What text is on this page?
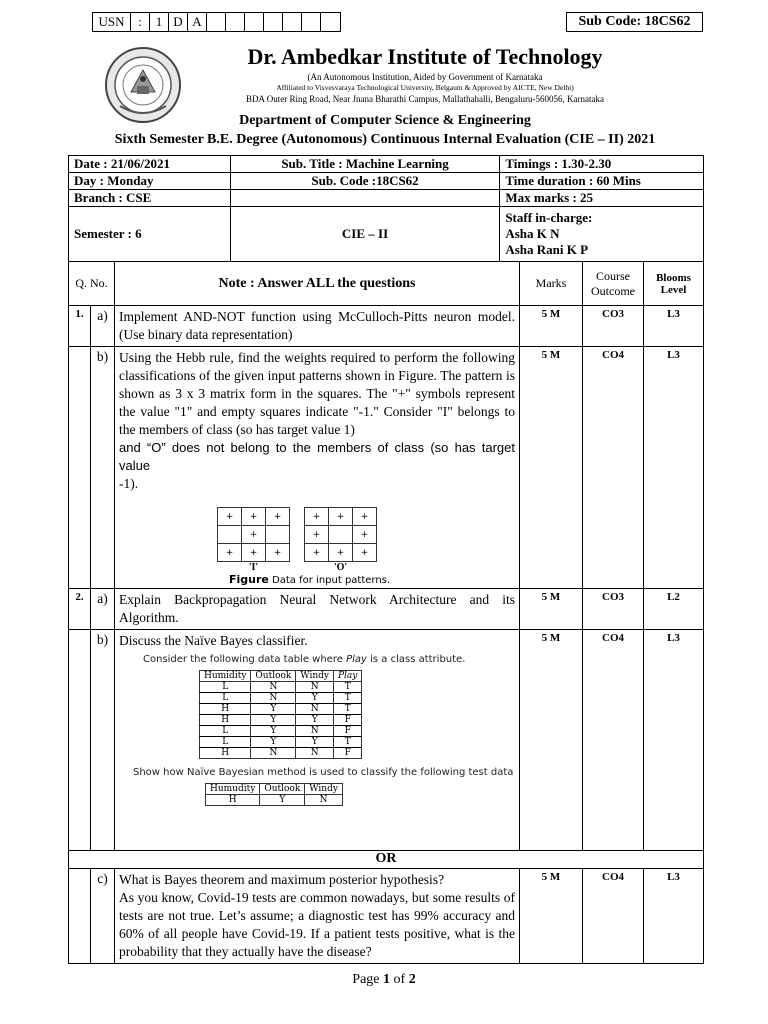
USN	:	1 D A	Sub Code: 18CS62
Dr. Ambedkar Institute of Technology
(An Autonomous Institution, Aided by Government of Karnataka
Affiliated to Visvesvaraya Technological University, Belgaum & Approved by AICTE, New Delhi)
BDA Outer Ring Road, Near Jnana Bharathi Campus, Mallathahalli, Bengaluru-560056, Karnataka
Department of Computer Science & Engineering
Sixth Semester B.E. Degree (Autonomous) Continuous Internal Evaluation (CIE – II) 2021
Date : 21/06/2021	Sub. Title : Machine Learning	Timings : 1.30-2.30
Day : Monday	Sub. Code :18CS62	Time duration : 60 Mins
Branch : CSE		Max marks : 25
Semester : 6	CIE – II	Staff in-charge:
Asha K N
Asha Rani K P
Q. No.	Note : Answer ALL the questions	Marks	Course Outcome	Blooms Level
1.	a)	Implement AND-NOT function using McCulloch-Pitts neuron model. (Use binary data representation)	5 M	CO3	L3
	b)	Using the Hebb rule, find the weights required to perform the following classifications of the given input patterns shown in Figure. The pattern is shown as 3 x 3 matrix form in the squares. The "+" symbols represent the value "1" and empty squares indicate "-1." Consider "I" belongs to the members of class (so has target value 1)
and “O” does not belong to the members of class (so has target value
-1).
+	+	+
	+	
+	+	+
'I'
+	+	+
+		+
+	+	+
'O'
Figure Data for input patterns.
	5 M	CO4	L3
2.	a)	Explain Backpropagation Neural Network Architecture and its Algorithm.	5 M	CO3	L2
	b)	Discuss the Naïve Bayes classifier.
Consider the following data table where Play is a class attribute.
Humidity	Outlook	Windy	Play
L	N	N	T
L	N	Y	T
H	Y	N	T
H	Y	Y	F
L	Y	N	F
L	Y	Y	T
H	N	N	F
Show how Naïve Bayesian method is used to classify the following test data
Humudity	Outlook	Windy
H	Y	N
	5 M	CO4	L3
OR
	c)	What is Bayes theorem and maximum posterior hypothesis?
As you know, Covid-19 tests are common nowadays, but some results of tests are not true. Let’s assume; a diagnostic test has 99% accuracy and 60% of all people have Covid-19. If a patient tests positive, what is the probability that they actually have the disease?
	5 M	CO4	L3
Page 1 of 2
